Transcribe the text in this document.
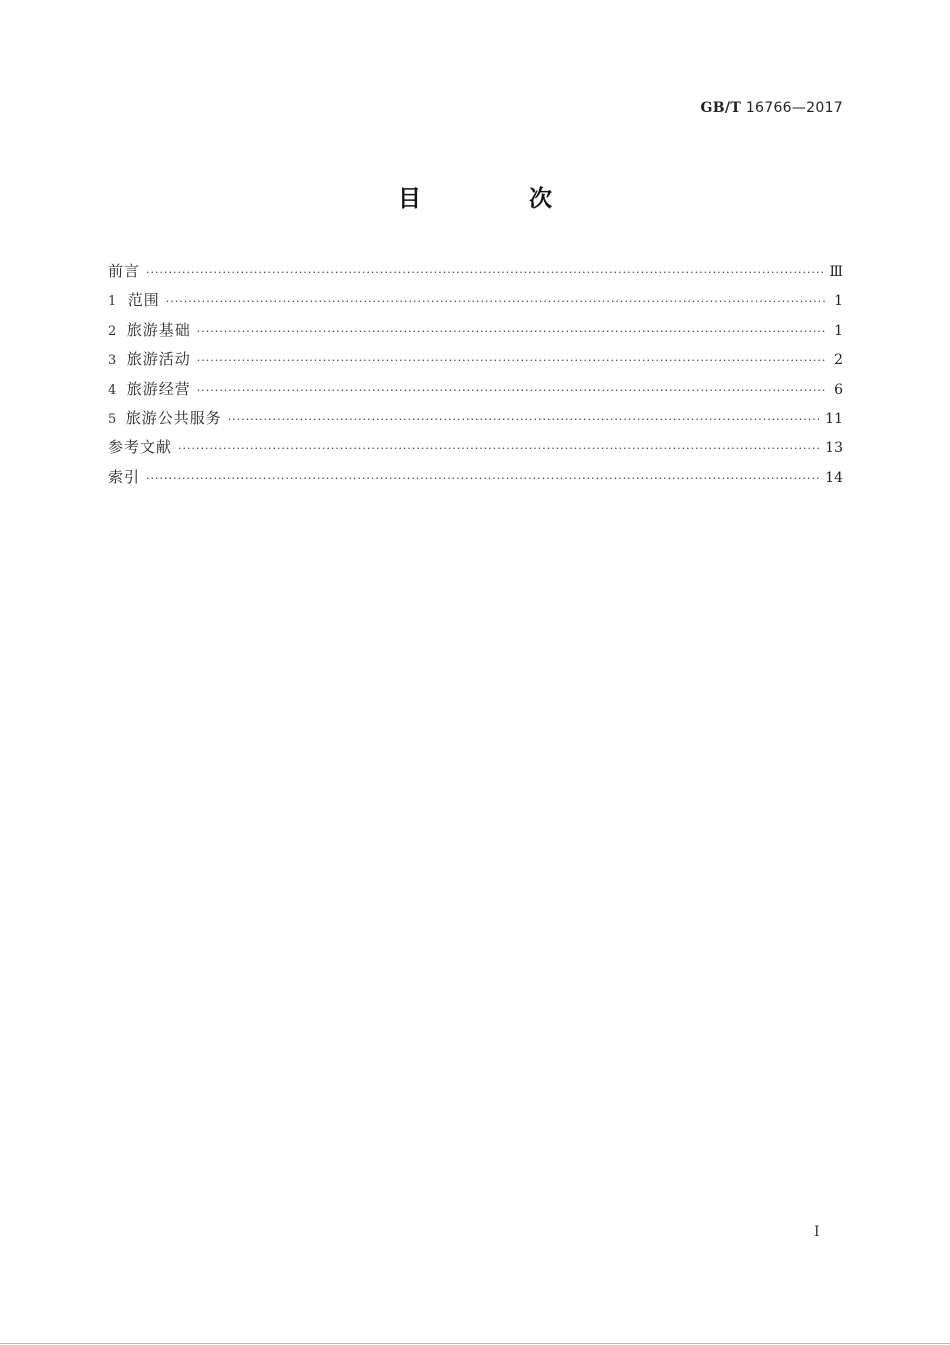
GB/T 16766—2017
目 次
前言 ·····	Ⅲ
1 范围 ·····	1
2 旅游基础 ·····	1
3 旅游活动 ·····	2
4 旅游经营 ·····	6
5 旅游公共服务 ·····	11
参考文献 ·····	13
索引 ·····	14
Ⅰ
